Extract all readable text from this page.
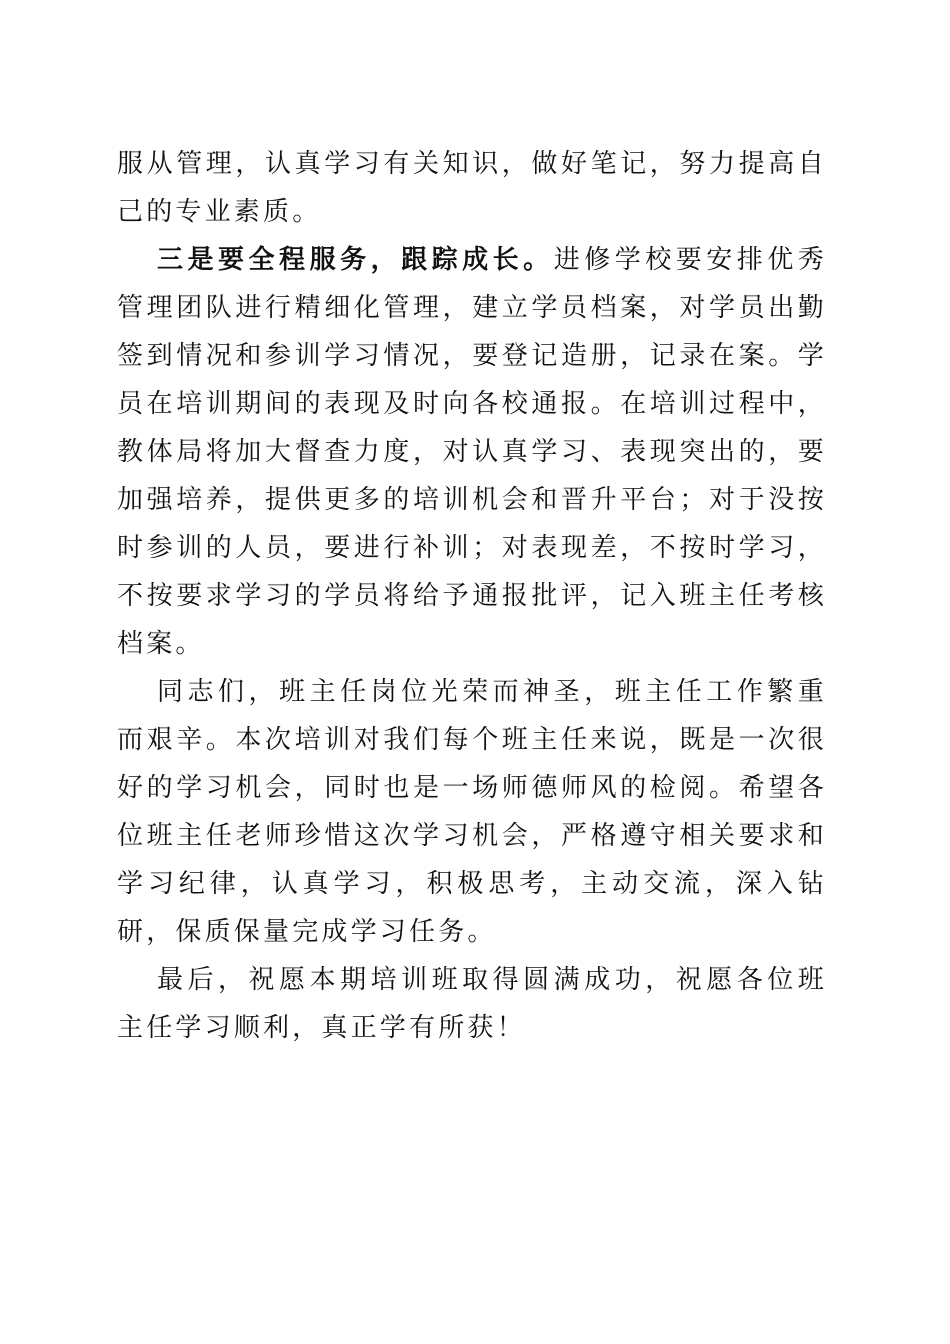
服从管理，认真学习有关知识，做好笔记，努力提高自己的专业素质。

三是要全程服务，跟踪成长。进修学校要安排优秀管理团队进行精细化管理，建立学员档案，对学员出勤签到情况和参训学习情况，要登记造册，记录在案。学员在培训期间的表现及时向各校通报。在培训过程中，教体局将加大督查力度，对认真学习、表现突出的，要加强培养，提供更多的培训机会和晋升平台；对于没按时参训的人员，要进行补训；对表现差，不按时学习，不按要求学习的学员将给予通报批评，记入班主任考核档案。

同志们，班主任岗位光荣而神圣，班主任工作繁重而艰辛。本次培训对我们每个班主任来说，既是一次很好的学习机会，同时也是一场师德师风的检阅。希望各位班主任老师珍惜这次学习机会，严格遵守相关要求和学习纪律，认真学习，积极思考，主动交流，深入钻研，保质保量完成学习任务。

最后，祝愿本期培训班取得圆满成功，祝愿各位班主任学习顺利，真正学有所获！
